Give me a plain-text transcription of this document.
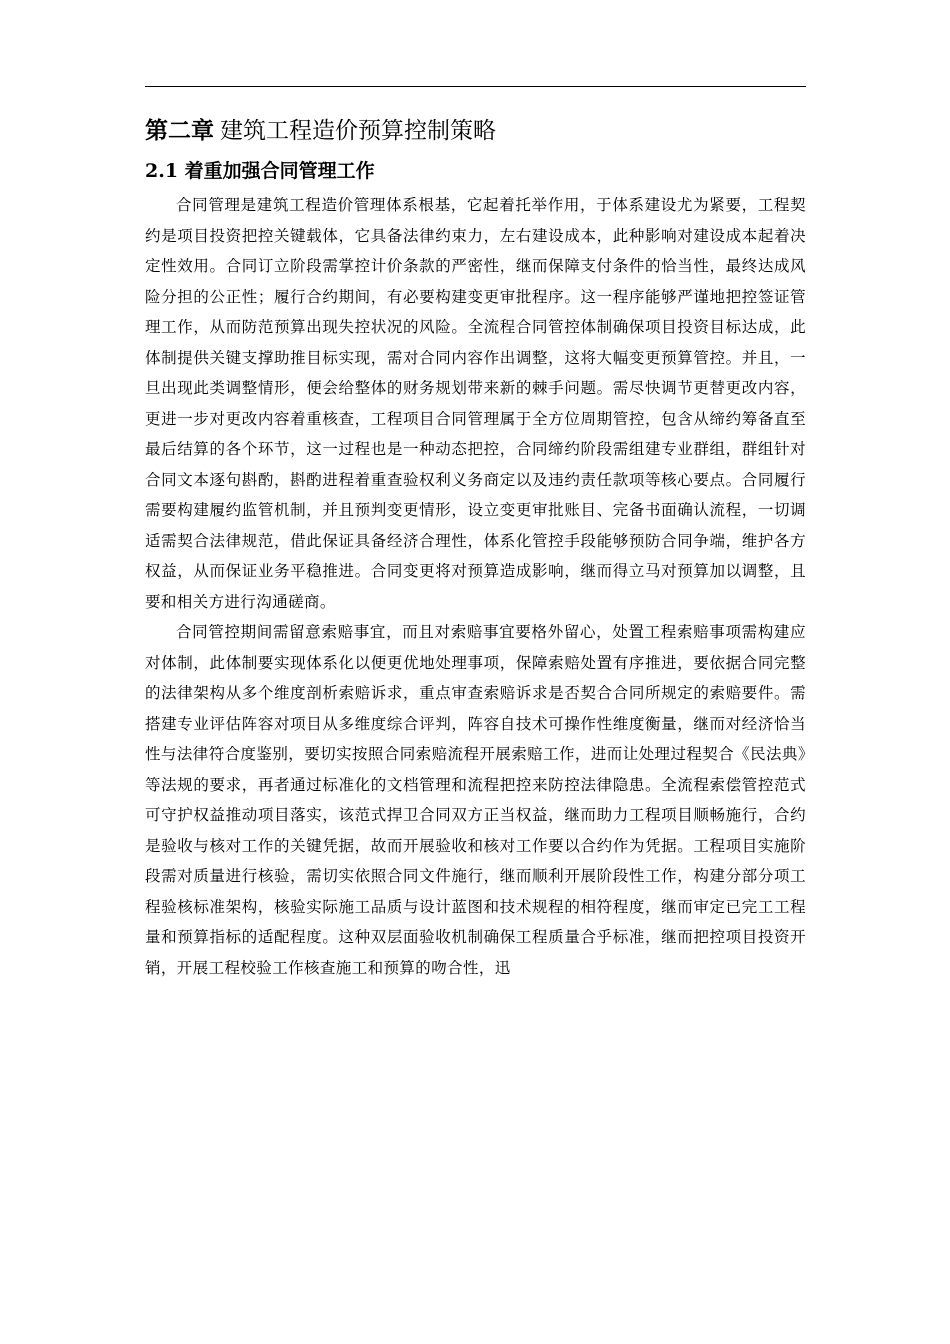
第二章 建筑工程造价预算控制策略
2.1 着重加强合同管理工作

合同管理是建筑工程造价管理体系根基，它起着托举作用，于体系建设尤为紧要，工程契约是项目投资把控关键载体，它具备法律约束力，左右建设成本，此种影响对建设成本起着决定性效用。合同订立阶段需掌控计价条款的严密性，继而保障支付条件的恰当性，最终达成风险分担的公正性；履行合约期间，有必要构建变更审批程序。这一程序能够严谨地把控签证管理工作，从而防范预算出现失控状况的风险。全流程合同管控体制确保项目投资目标达成，此体制提供关键支撑助推目标实现，需对合同内容作出调整，这将大幅变更预算管控。并且，一旦出现此类调整情形，便会给整体的财务规划带来新的棘手问题。需尽快调节更替更改内容，更进一步对更改内容着重核查，工程项目合同管理属于全方位周期管控，包含从缔约筹备直至最后结算的各个环节，这一过程也是一种动态把控，合同缔约阶段需组建专业群组，群组针对合同文本逐句斟酌，斟酌进程着重查验权利义务商定以及违约责任款项等核心要点。合同履行需要构建履约监管机制，并且预判变更情形，设立变更审批账目、完备书面确认流程，一切调适需契合法律规范，借此保证具备经济合理性，体系化管控手段能够预防合同争端，维护各方权益，从而保证业务平稳推进。合同变更将对预算造成影响，继而得立马对预算加以调整，且要和相关方进行沟通磋商。

合同管控期间需留意索赔事宜，而且对索赔事宜要格外留心，处置工程索赔事项需构建应对体制，此体制要实现体系化以便更优地处理事项，保障索赔处置有序推进，要依据合同完整的法律架构从多个维度剖析索赔诉求，重点审查索赔诉求是否契合合同所规定的索赔要件。需搭建专业评估阵容对项目从多维度综合评判，阵容自技术可操作性维度衡量，继而对经济恰当性与法律符合度鉴别，要切实按照合同索赔流程开展索赔工作，进而让处理过程契合《民法典》等法规的要求，再者通过标准化的文档管理和流程把控来防控法律隐患。全流程索偿管控范式可守护权益推动项目落实，该范式捍卫合同双方正当权益，继而助力工程项目顺畅施行，合约是验收与核对工作的关键凭据，故而开展验收和核对工作要以合约作为凭据。工程项目实施阶段需对质量进行核验，需切实依照合同文件施行，继而顺利开展阶段性工作，构建分部分项工程验核标准架构，核验实际施工品质与设计蓝图和技术规程的相符程度，继而审定已完工工程量和预算指标的适配程度。这种双层面验收机制确保工程质量合乎标准，继而把控项目投资开销，开展工程校验工作核查施工和预算的吻合性，迅
